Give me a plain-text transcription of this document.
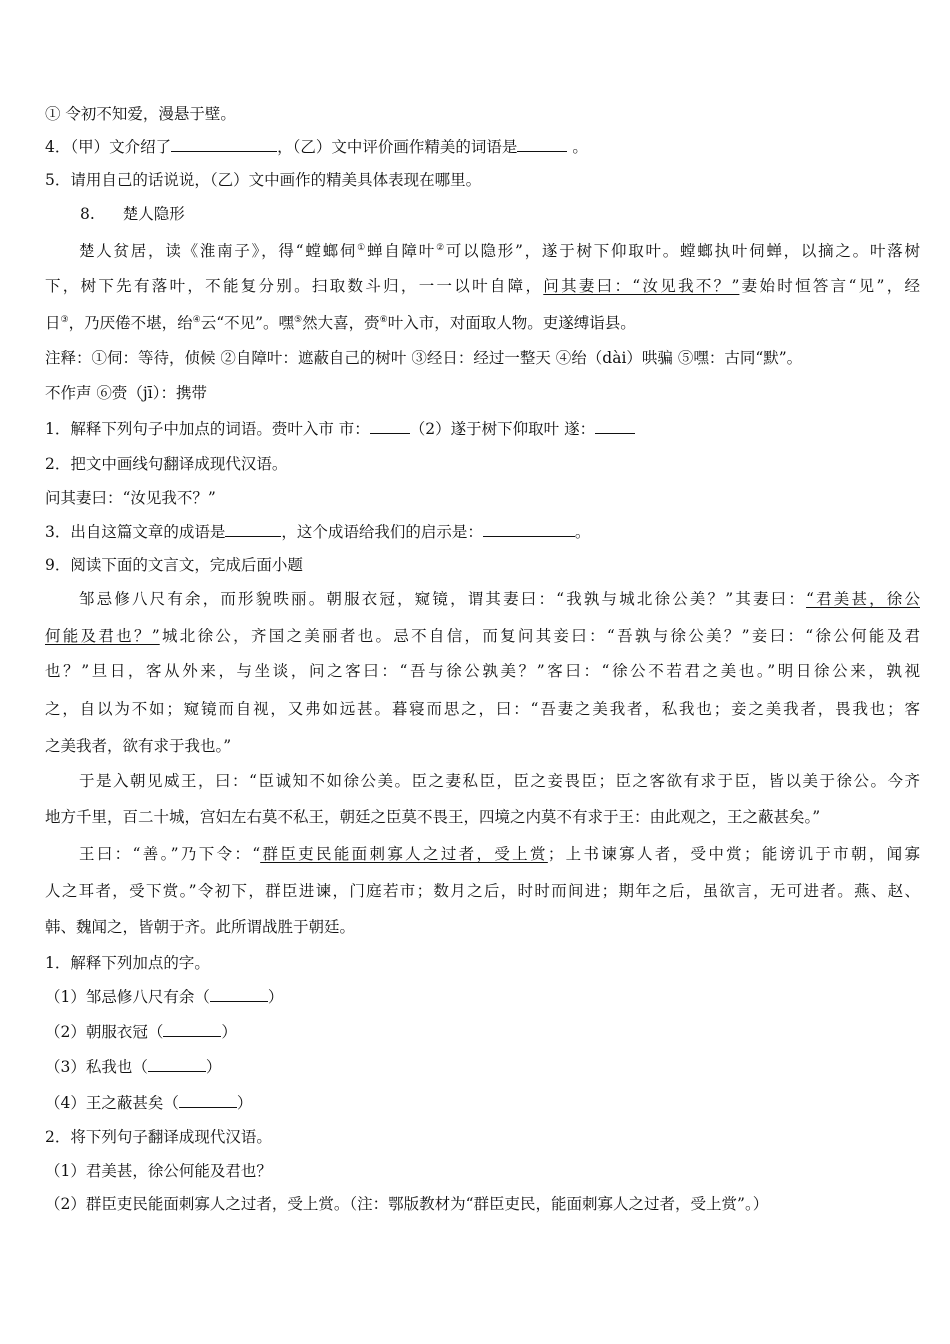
① 令初不知爱，漫悬于壁。
4．（甲）文介绍了	，（乙）文中评价画作精美的词语是	。
5．请用自己的话说说，（乙）文中画作的精美具体表现在哪里。
8. 楚人隐形
楚人贫居，读《淮南子》，得“螳螂伺①蝉自障叶②可以隐形”，遂于树下仰取叶。螳螂执叶伺蝉，以摘之。叶落树
下，树下先有落叶，不能复分别。扫取数斗归，一一以叶自障，问其妻曰：“汝见我不？”妻始时恒答言“见”，经
日③，乃厌倦不堪，绐④云“不见”。嘿⑤然大喜，赍⑥叶入市，对面取人物。吏遂缚诣县。
注释：①伺：等待，侦候 ②自障叶：遮蔽自己的树叶 ③经日：经过一整天 ④绐（dài）哄骗 ⑤嘿：古同“默”。
不作声 ⑥赍（jī）：携带
1．解释下列句子中加点的词语。赍叶入市 市：	（2）遂于树下仰取叶 遂：
2．把文中画线句翻译成现代汉语。
问其妻曰：“汝见我不？”
3．出自这篇文章的成语是	，这个成语给我们的启示是：	。
9．阅读下面的文言文，完成后面小题
邹忌修八尺有余，而形貌昳丽。朝服衣冠，窥镜，谓其妻曰：“我孰与城北徐公美？”其妻曰：“君美甚，徐公
何能及君也？”城北徐公，齐国之美丽者也。忌不自信，而复问其妾曰：“吾孰与徐公美？”妾曰：“徐公何能及君
也？”旦日，客从外来，与坐谈，问之客曰：“吾与徐公孰美？”客曰：“徐公不若君之美也。”明日徐公来，孰视
之，自以为不如；窥镜而自视，又弗如远甚。暮寝而思之，曰：“吾妻之美我者，私我也；妾之美我者，畏我也；客
之美我者，欲有求于我也。”
于是入朝见威王，曰：“臣诚知不如徐公美。臣之妻私臣，臣之妾畏臣；臣之客欲有求于臣，皆以美于徐公。今齐
地方千里，百二十城，宫妇左右莫不私王，朝廷之臣莫不畏王，四境之内莫不有求于王：由此观之，王之蔽甚矣。”
王曰：“善。”乃下令：“群臣吏民能面刺寡人之过者，受上赏；上书谏寡人者，受中赏；能谤讥于市朝，闻寡
人之耳者，受下赏。”令初下，群臣进谏，门庭若市；数月之后，时时而间进；期年之后，虽欲言，无可进者。燕、赵、
韩、魏闻之，皆朝于齐。此所谓战胜于朝廷。
1．解释下列加点的字。
（1）邹忌修八尺有余（	）
（2）朝服衣冠（	）
（3）私我也（	）
（4）王之蔽甚矣（	）
2．将下列句子翻译成现代汉语。
（1）君美甚，徐公何能及君也？
（2）群臣吏民能面刺寡人之过者，受上赏。（注：鄂版教材为“群臣吏民，能面刺寡人之过者，受上赏”。）
